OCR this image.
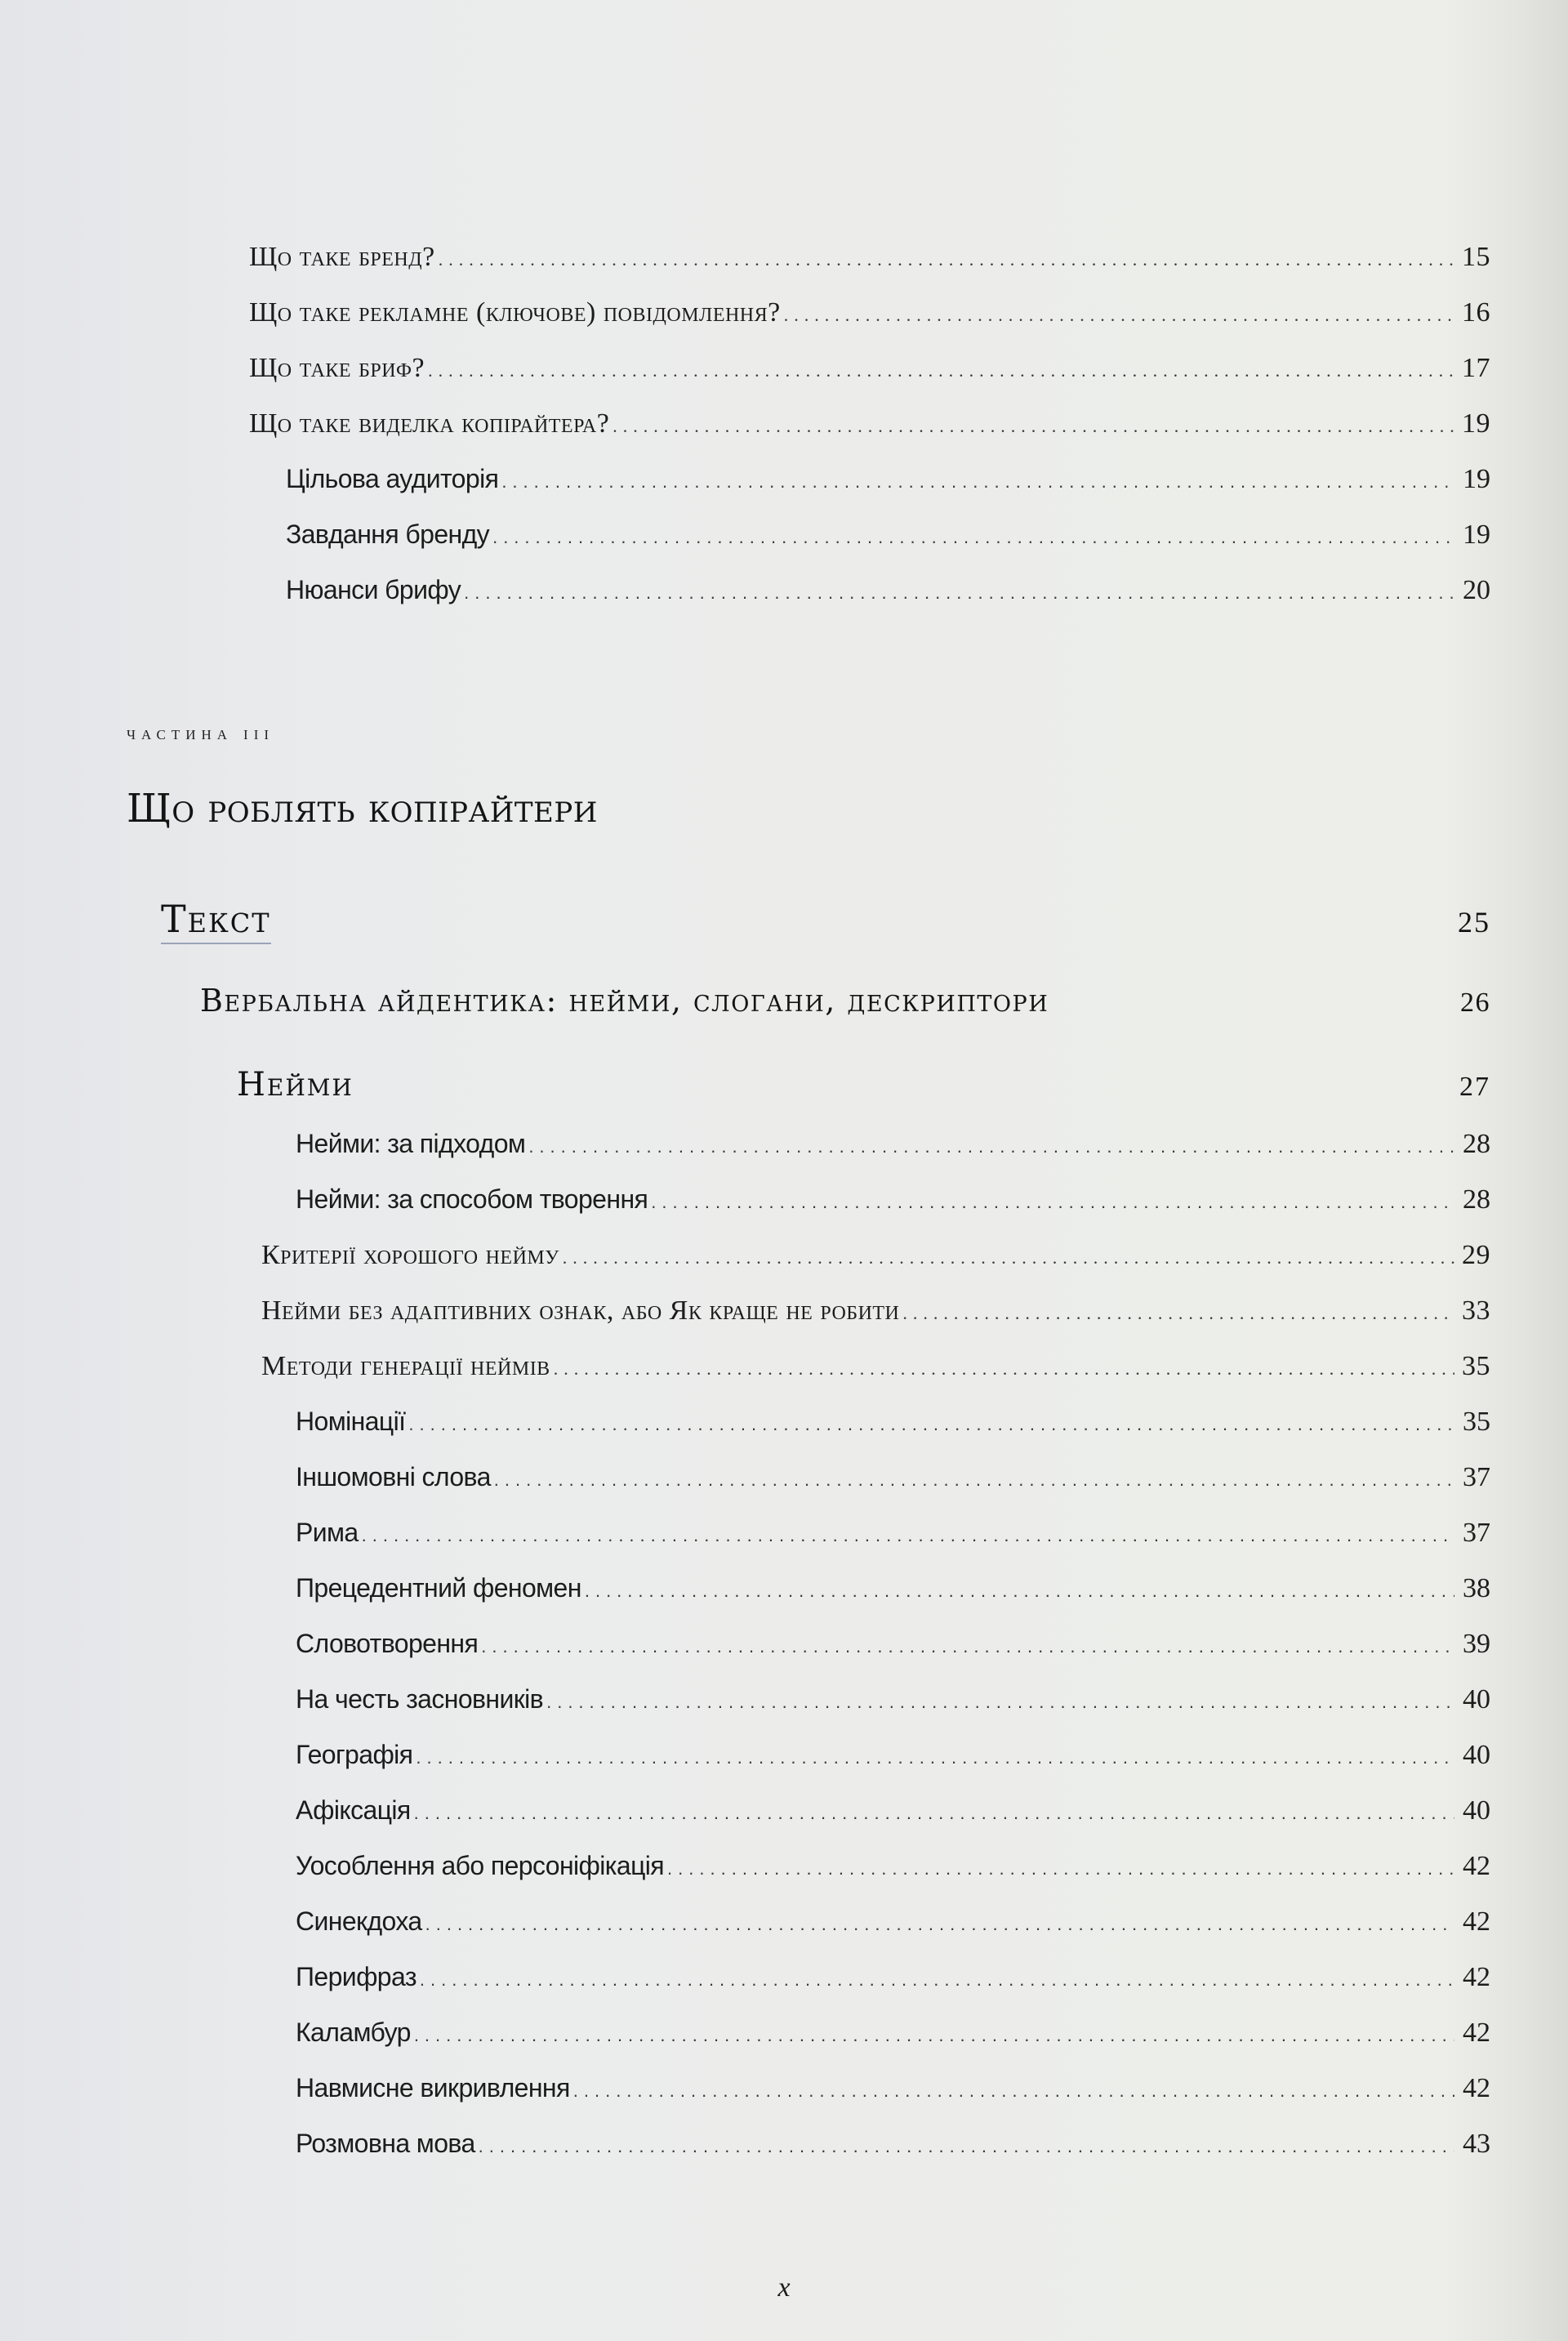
Що таке бренд? .....	15
Що таке рекламне (ключове) повідомлення? .....	16
Що таке бриф? .....	17
Що таке виделка копірайтера? .....	19
Цільова аудиторія .....	19
Завдання бренду .....	19
Нюанси брифу .....	20
частина iii
Що роблять копірайтери
Текст	25
Вербальна айдентика: нейми, слогани, дескриптори	26
Нейми	27
Нейми: за підходом .....	28
Нейми: за способом творення .....	28
Критерії хорошого нейму .....	29
Нейми без адаптивних ознак, або Як краще не робити .....	33
Методи генерації неймів .....	35
Номінації .....	35
Іншомовні слова .....	37
Рима .....	37
Прецедентний феномен .....	38
Словотворення .....	39
На честь засновників .....	40
Географія .....	40
Афіксація .....	40
Уособлення або персоніфікація .....	42
Синекдоха .....	42
Перифраз .....	42
Каламбур .....	42
Навмисне викривлення .....	42
Розмовна мова .....	43
x
